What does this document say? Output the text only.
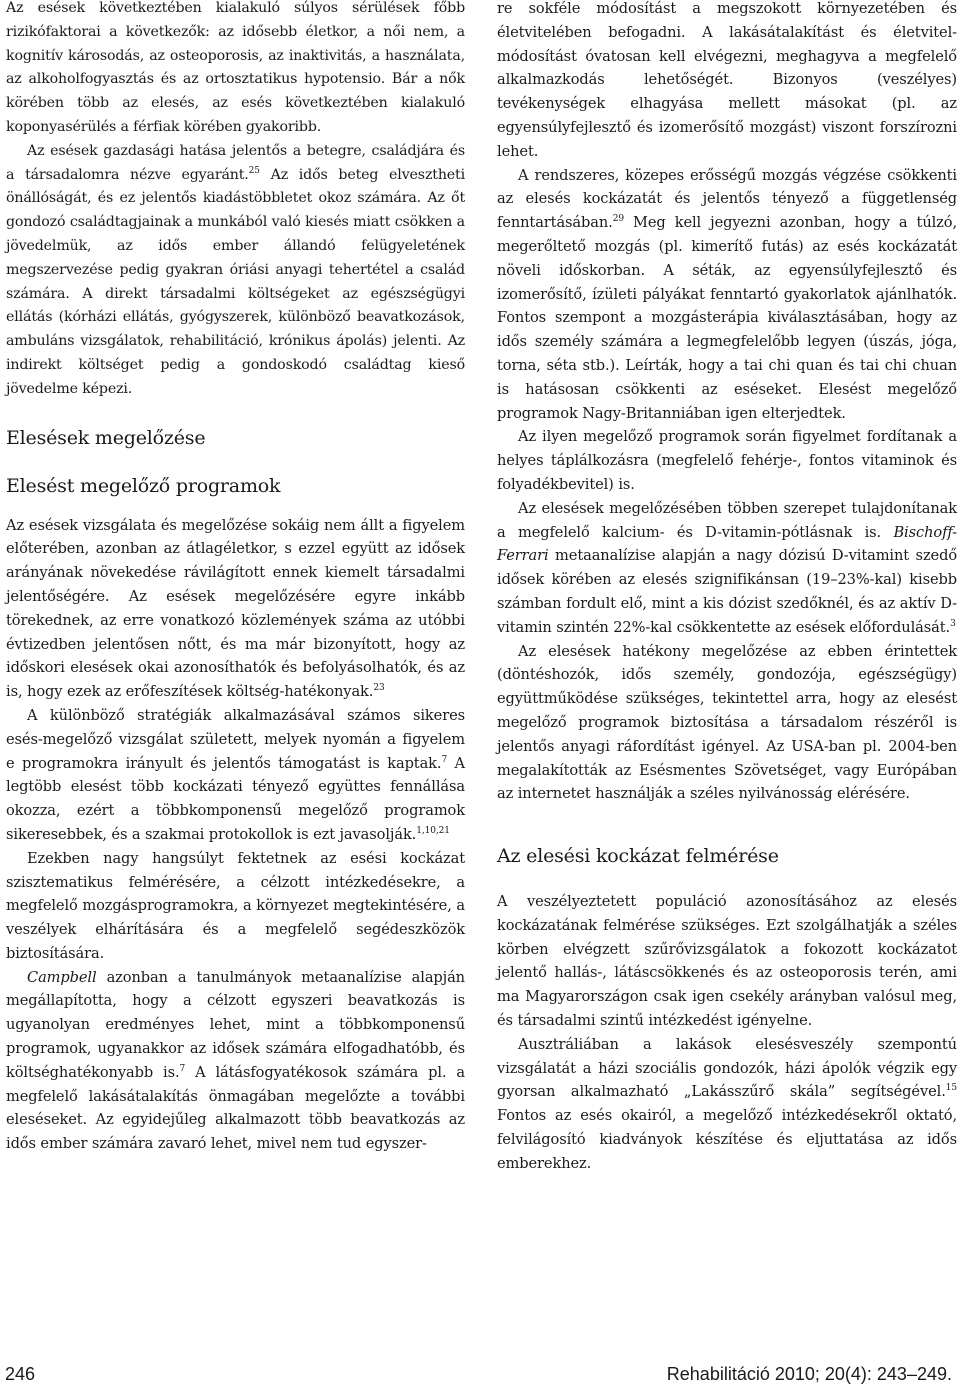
Az esések következtében kialakuló súlyos sérülések főbb rizikófaktorai a következők: az idősebb életkor, a női nem, a kognitív károsodás, az osteoporosis, az inaktivitás, a használata, az alkoholfogyasztás és az ortosztatikus hypotensio. Bár a nők körében több az elesés, az esés következtében kialakuló koponyasérülés a férfiak körében gyakoribb.

Az esések gazdasági hatása jelentős a betegre, családjára és a társadalomra nézve egyaránt.$^{25}$ Az idős beteg elvesztheti önállóságát, és ez jelentős kiadástöbbletet okoz számára. Az őt gondozó családtagjainak a munkából való kiesés miatt csökken a jövedelmük, az idős ember állandó felügyeletének megszervezése pedig gyakran óriási anyagi tehertétel a család számára. A direkt társadalmi költségeket az egészségügyi ellátás (kórházi ellátás, gyógyszerek, különböző beavatkozások, ambuláns vizsgálatok, rehabilitáció, krónikus ápolás) jelenti. Az indirekt költséget pedig a gondoskodó családtag kieső jövedelme képezi.

Elesések megelőzése
Elesést megelőző programok

Az esések vizsgálata és megelőzése sokáig nem állt a figyelem előterében, azonban az átlagéletkor, s ezzel együtt az idősek arányának növekedése rávilágított ennek kiemelt társadalmi jelentőségére. Az esések megelőzésére egyre inkább törekednek, az erre vonatkozó közlemények száma az utóbbi évtizedben jelentősen nőtt, és ma már bizonyított, hogy az időskori elesések okai azonosíthatók és befolyásolhatók, és az is, hogy ezek az erőfeszítések költség-hatékonyak.$^{23}$

A különböző stratégiák alkalmazásával számos sikeres esés-megelőző vizsgálat született, melyek nyomán a figyelem e programokra irányult és jelentős támogatást is kaptak.$^7$ A legtöbb elesést több kockázati tényező együttes fennállása okozza, ezért a többkomponensű megelőző programok sikeresebbek, és a szakmai protokollok is ezt javasolják.$^{1,10,21}$

Ezekben nagy hangsúlyt fektetnek az esési kockázat szisztematikus felmérésére, a célzott intézkedésekre, a megfelelő mozgásprogramokra, a környezet megtekintésére, a veszélyek elhárítására és a megfelelő segédeszközök biztosítására.

Campbell azonban a tanulmányok metaanalízise alapján megállapította, hogy a célzott egyszeri beavatkozás is ugyanolyan eredményes lehet, mint a többkomponensű programok, ugyanakkor az idősek számára elfogadhatóbb, és költséghatékonyabb is.$^7$ A látásfogyatékosok számára pl. a megfelelő lakásátalakítás önmagában megelőzte a további eleséseket. Az egyidejűleg alkalmazott több beavatkozás az idős ember számára zavaró lehet, mivel nem tud egyszer-

re sokféle módosítást a megszokott környezetében és életvitelében befogadni. A lakásátalakítást és életvitel-módosítást óvatosan kell elvégezni, meghagyva a megfelelő alkalmazkodás lehetőségét. Bizonyos (veszélyes) tevékenységek elhagyása mellett másokat (pl. az egyensúlyfejlesztő és izomerősítő mozgást) viszont forszírozni lehet.

A rendszeres, közepes erősségű mozgás végzése csökkenti az elesés kockázatát és jelentős tényező a függetlenség fenntartásában.$^{29}$ Meg kell jegyezni azonban, hogy a túlzó, megerőltető mozgás (pl. kimerítő futás) az esés kockázatát növeli időskorban. A séták, az egyensúlyfejlesztő és izomerősítő, ízületi pályákat fenntartó gyakorlatok ajánlhatók. Fontos szempont a mozgásterápia kiválasztásában, hogy az idős személy számára a legmegfelelőbb legyen (úszás, jóga, torna, séta stb.). Leírták, hogy a tai chi quan és tai chi chuan is hatásosan csökkenti az eséseket. Elesést megelőző programok Nagy-Britanniában igen elterjedtek.

Az ilyen megelőző programok során figyelmet fordítanak a helyes táplálkozásra (megfelelő fehérje-, fontos vitaminok és folyadékbevitel) is.

Az elesések megelőzésében többen szerepet tulajdonítanak a megfelelő kalcium- és D-vitamin-pótlásnak is. Bischoff-Ferrari metaanalízise alapján a nagy dózisú D-vitamint szedő idősek körében az elesés szignifikánsan (19–23%-kal) kisebb számban fordult elő, mint a kis dózist szedőknél, és az aktív D-vitamin szintén 22%-kal csökkentette az esések előfordulását.$^3$

Az elesések hatékony megelőzése az ebben érintettek (döntéshozók, idős személy, gondozója, egészségügy) együttműködése szükséges, tekintettel arra, hogy az elesést megelőző programok biztosítása a társadalom részéről is jelentős anyagi ráfordítást igényel. Az USA-ban pl. 2004-ben megalakították az Esésmentes Szövetséget, vagy Európában az internetet használják a széles nyilvánosság elérésére.

Az elesési kockázat felmérése

A veszélyeztetett populáció azonosításához az elesés kockázatának felmérése szükséges. Ezt szolgálhatják a széles körben elvégzett szűrővizsgálatok a fokozott kockázatot jelentő hallás-, látáscsökkenés és az osteoporosis terén, ami ma Magyarországon csak igen csekély arányban valósul meg, és társadalmi szintű intézkedést igényelne.

Ausztráliában a lakások elesésveszély szempontú vizsgálatát a házi szociális gondozók, házi ápolók végzik egy gyorsan alkalmazható „Lakásszűrő skála” segítségével.$^{15}$ Fontos az esés okairól, a megelőző intézkedésekről oktató, felvilágosító kiadványok készítése és eljuttatása az idős emberekhez.

246	Rehabilitáció 2010; 20(4): 243–249.
